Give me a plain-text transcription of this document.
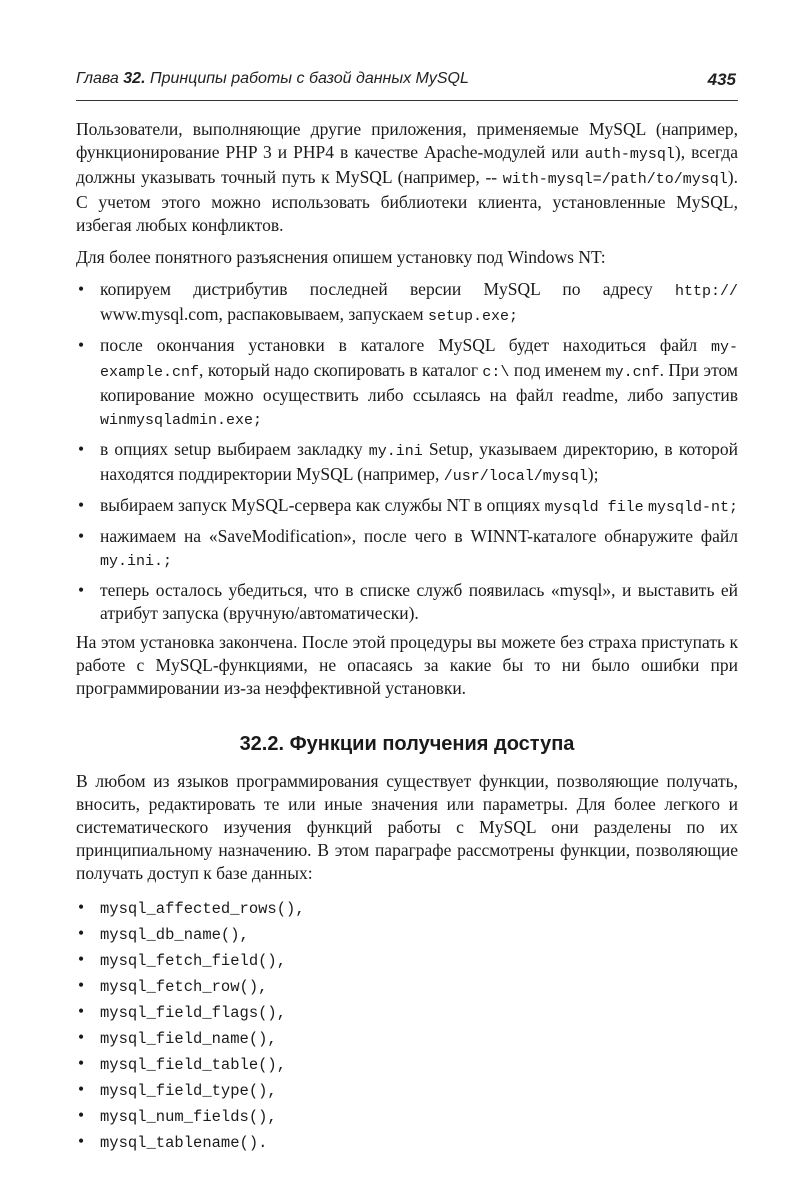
Глава 32. Принципы работы с базой данных MySQL	435

Пользователи, выполняющие другие приложения, применяемые MySQL (например, функционирование PHP 3 и PHP4 в качестве Apache-модулей или auth-mysql), всегда должны указывать точный путь к MySQL (например, -- with-mysql=/path/to/mysql). С учетом этого можно использовать библиотеки клиента, установленные MySQL, избегая любых конфликтов.

Для более понятного разъяснения опишем установку под Windows NT:

• копируем дистрибутив последней версии MySQL по адресу http:// www.mysql.com, распаковываем, запускаем setup.exe;
• после окончания установки в каталоге MySQL будет находиться файл my-example.cnf, который надо скопировать в каталог c:\ под именем my.cnf. При этом копирование можно осуществить либо ссылаясь на файл readme, либо запустив winmysqladmin.exe;
• в опциях setup выбираем закладку my.ini Setup, указываем директорию, в которой находятся поддиректории MySQL (например, /usr/local/mysql);
• выбираем запуск MySQL-сервера как службы NT в опциях mysqld file mysqld-nt;
• нажимаем на «SaveModification», после чего в WINNT-каталоге обнаружите файл my.ini.;
• теперь осталось убедиться, что в списке служб появилась «mysql», и выставить ей атрибут запуска (вручную/автоматически).

На этом установка закончена. После этой процедуры вы можете без страха приступать к работе с MySQL-функциями, не опасаясь за какие бы то ни было ошибки при программировании из-за неэффективной установки.

32.2. Функции получения доступа

В любом из языков программирования существует функции, позволяющие получать, вносить, редактировать те или иные значения или параметры. Для более легкого и систематического изучения функций работы с MySQL они разделены по их принципиальному назначению. В этом параграфе рассмотрены функции, позволяющие получать доступ к базе данных:

• mysql_affected_rows(),
• mysql_db_name(),
• mysql_fetch_field(),
• mysql_fetch_row(),
• mysql_field_flags(),
• mysql_field_name(),
• mysql_field_table(),
• mysql_field_type(),
• mysql_num_fields(),
• mysql_tablename().
